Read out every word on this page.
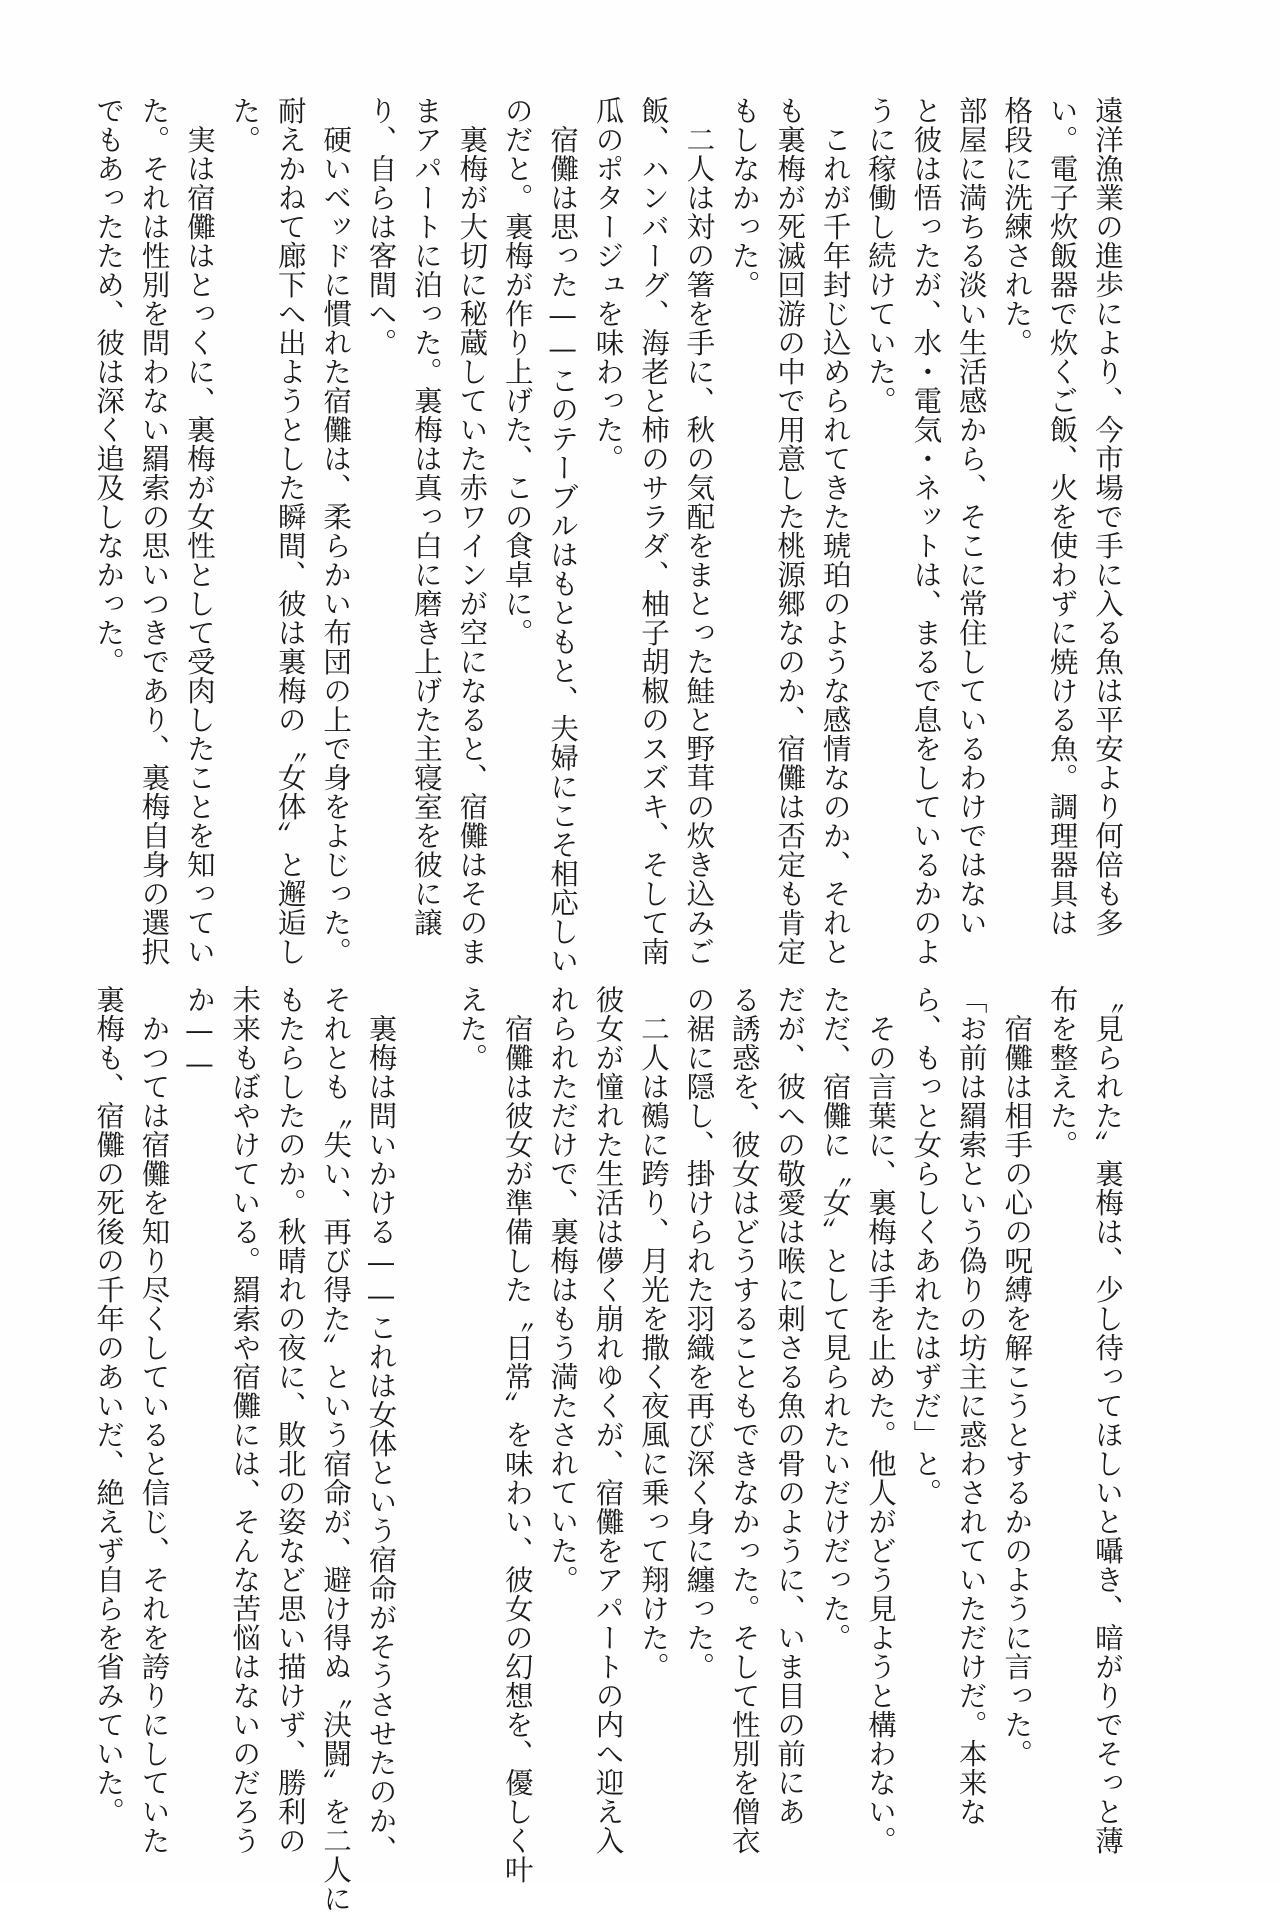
遠洋漁業の進歩により、今市場で手に入る魚は平安より何倍も多
い。電子炊飯器で炊くご飯、火を使わずに焼ける魚。調理器具は
格段に洗練された。
部屋に満ちる淡い生活感から、そこに常住しているわけではない
と彼は悟ったが、水・電気・ネットは、まるで息をしているかのよ
うに稼働し続けていた。
　これが千年封じ込められてきた琥珀のような感情なのか、それと
も裏梅が死滅回游の中で用意した桃源郷なのか、宿儺は否定も肯定
もしなかった。
　二人は対の箸を手に、秋の気配をまとった鮭と野茸の炊き込みご
飯、ハンバーグ、海老と柿のサラダ、柚子胡椒のスズキ、そして南
瓜のポタージュを味わった。
　宿儺は思った——このテーブルはもともと、夫婦にこそ相応しい
のだと。裏梅が作り上げた、この食卓に。
　裏梅が大切に秘蔵していた赤ワインが空になると、宿儺はそのま
まアパートに泊った。裏梅は真っ白に磨き上げた主寝室を彼に譲
り、自らは客間へ。
　硬いベッドに慣れた宿儺は、柔らかい布団の上で身をよじった。
耐えかねて廊下へ出ようとした瞬間、彼は裏梅の〝女体〟と邂逅し
た。
　実は宿儺はとっくに、裏梅が女性として受肉したことを知ってい
た。それは性別を問わない羂索の思いつきであり、裏梅自身の選択
でもあったため、彼は深く追及しなかった。
〝見られた〟裏梅は、少し待ってほしいと囁き、暗がりでそっと薄
布を整えた。
　宿儺は相手の心の呪縛を解こうとするかのように言った。
「お前は羂索という偽りの坊主に惑わされていただけだ。本来な
ら、もっと女らしくあれたはずだ」と。
　その言葉に、裏梅は手を止めた。他人がどう見ようと構わない。
ただ、宿儺に〝女〟として見られたいだけだった。
だが、彼への敬愛は喉に刺さる魚の骨のように、いま目の前にあ
る誘惑を、彼女はどうすることもできなかった。そして性別を僧衣
の裾に隠し、掛けられた羽織を再び深く身に纏った。
　二人は鵺に跨り、月光を撒く夜風に乗って翔けた。
彼女が憧れた生活は儚く崩れゆくが、宿儺をアパートの内へ迎え入
れられただけで、裏梅はもう満たされていた。
　宿儺は彼女が準備した〝日常〟を味わい、彼女の幻想を、優しく叶
えた。

　裏梅は問いかける——これは女体という宿命がそうさせたのか、
それとも〝失い、再び得た〟という宿命が、避け得ぬ〝決闘〟を二人に
もたらしたのか。秋晴れの夜に、敗北の姿など思い描けず、勝利の
未来もぼやけている。羂索や宿儺には、そんな苦悩はないのだろう
か——
　かつては宿儺を知り尽くしていると信じ、それを誇りにしていた
裏梅も、宿儺の死後の千年のあいだ、絶えず自らを省みていた。
